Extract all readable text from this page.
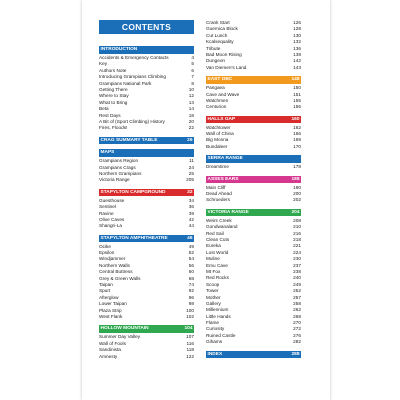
CONTENTS
INTRODUCTION
Accidents & Emergency Contacts	4
Key	5
Authors Note	6
Introducing Grampians Climbing	7
Grampians National Park	8
Getting There	10
Where to Stay	12
What to Bring	13
Beta	14
Rest Days	18
A Bit of (Sport Climbing) History	20
Fires, Floods!	22
CRAG SUMMARY TABLE	26
MAPS
Grampians Region	11
Grampians Crags	24
Northern Grampians	25
Victoria Range	205
STAPYLTON CAMPGROUND	32
Guesthouse	34
Sentinel	36
Ravine	39
Olive Caves	42
Shangri-La	44
STAPYLTON AMPHITHEATRE	46
Ocike	49
Epsilon	52
Windjammer	54
Northern Walls	56
Central Buttress	60
Grey & Green Walls	68
Taipan	74
Spurt	92
Afterglow	96
Lower Taipan	98
Plaza Strip	100
West Flank	102
HOLLOW MOUNTAIN	104
Summer Day Valley	107
Wall of Fools	116
Sandinista	118
Amnesty	122
Crank Start	126
Guernica Block	128
Cut Lunch	130
Kcalsequality	132
Tribute	136
Bad Moon Rising	138
Dungeon	142
Van Diemen's Land	143
EAST OBC	148
Pangaea	150
Cave and Wave	151
Watchmen	155
Centurion	156
HALLS GAP	160
Watchtower	162
Wall of China	166
Big Monna	169
Bundaleer	170
SERRA RANGE
Dreamtime	178
ASSES EARS	188
Main Cliff	190
Dead Ahead	200
Schroeders	202
VICTORIA RANGE	204
Weirs Creek	208
Gondwanaland	210
Red Sail	216
Clean Cuts	218
Eureka	221
Lost World	224
Muline	230
Emu Cave	237
Mt Fox	238
Red Rocks	240
Scoop	249
Tower	252
Mother	257
Gallery	258
Millennium	262
Little Hands	268
Flame	270
Curiosity	272
Ruined Castle	276
Gihams	282
INDEX	288
